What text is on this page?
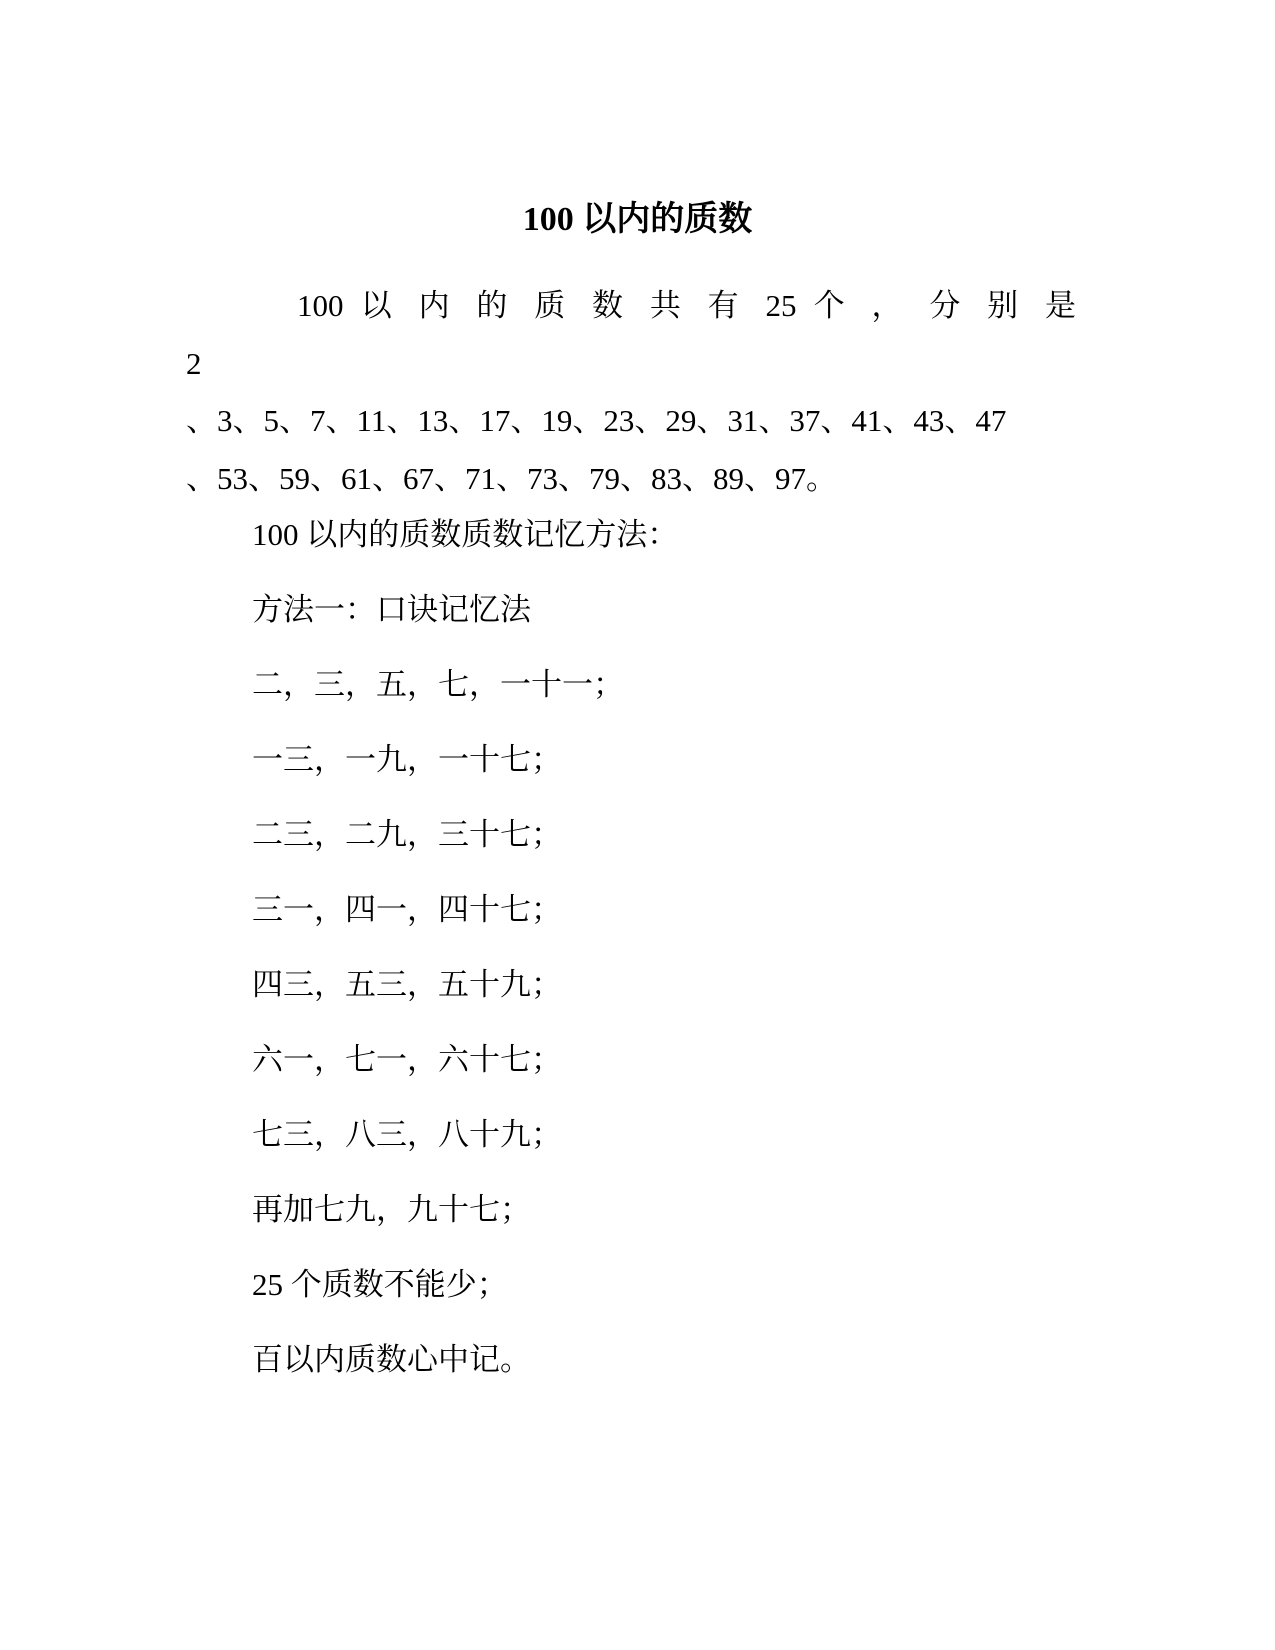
100 以内的质数
100 以 内 的 质 数 共 有 25 个 ， 分 别 是
2
、3、5、7、11、13、17、19、23、29、31、37、41、43、47
、53、59、61、67、71、73、79、83、89、97。
100 以内的质数质数记忆方法：
方法一：口诀记忆法
二，三，五，七，一十一；
一三，一九，一十七；
二三，二九，三十七；
三一，四一，四十七；
四三，五三，五十九；
六一，七一，六十七；
七三，八三，八十九；
再加七九，九十七；
25 个质数不能少；
百以内质数心中记。
